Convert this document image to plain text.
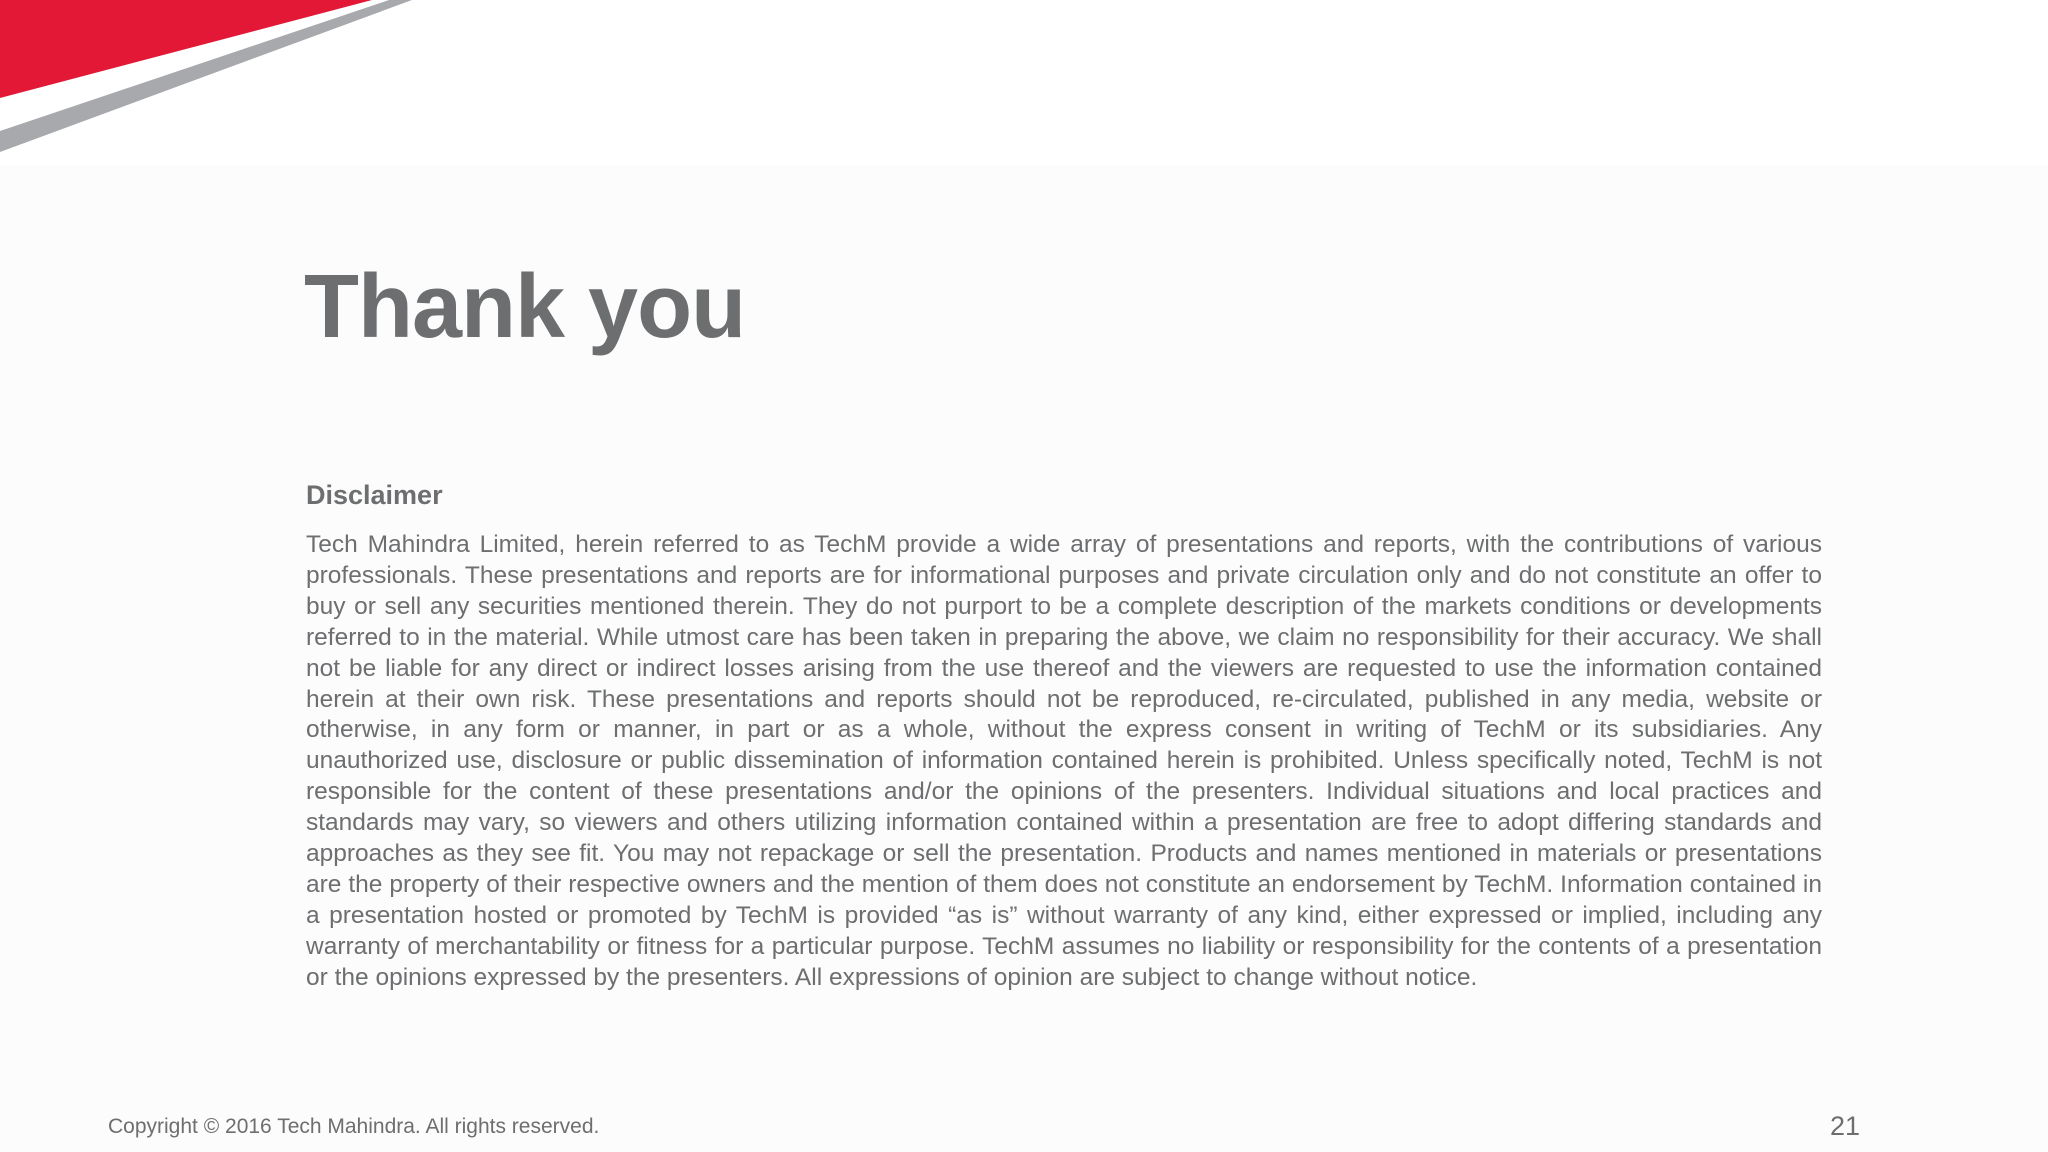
Thank you
Disclaimer

Tech Mahindra Limited, herein referred to as TechM provide a wide array of presentations and reports, with the contributions of various professionals. These presentations and reports are for informational purposes and private circulation only and do not constitute an offer to buy or sell any securities mentioned therein. They do not purport to be a complete description of the markets conditions or developments referred to in the material. While utmost care has been taken in preparing the above, we claim no responsibility for their accuracy. We shall not be liable for any direct or indirect losses arising from the use thereof and the viewers are requested to use the information contained herein at their own risk. These presentations and reports should not be reproduced, re-circulated, published in any media, website or otherwise, in any form or manner, in part or as a whole, without the express consent in writing of TechM or its subsidiaries. Any unauthorized use, disclosure or public dissemination of information contained herein is prohibited. Unless specifically noted, TechM is not responsible for the content of these presentations and/or the opinions of the presenters. Individual situations and local practices and standards may vary, so viewers and others utilizing information contained within a presentation are free to adopt differing standards and approaches as they see fit. You may not repackage or sell the presentation. Products and names mentioned in materials or presentations are the property of their respective owners and the mention of them does not constitute an endorsement by TechM. Information contained in a presentation hosted or promoted by TechM is provided “as is” without warranty of any kind, either expressed or implied, including any warranty of merchantability or fitness for a particular purpose. TechM assumes no liability or responsibility for the contents of a presentation or the opinions expressed by the presenters. All expressions of opinion are subject to change without notice.

Copyright © 2016 Tech Mahindra. All rights reserved.	21
